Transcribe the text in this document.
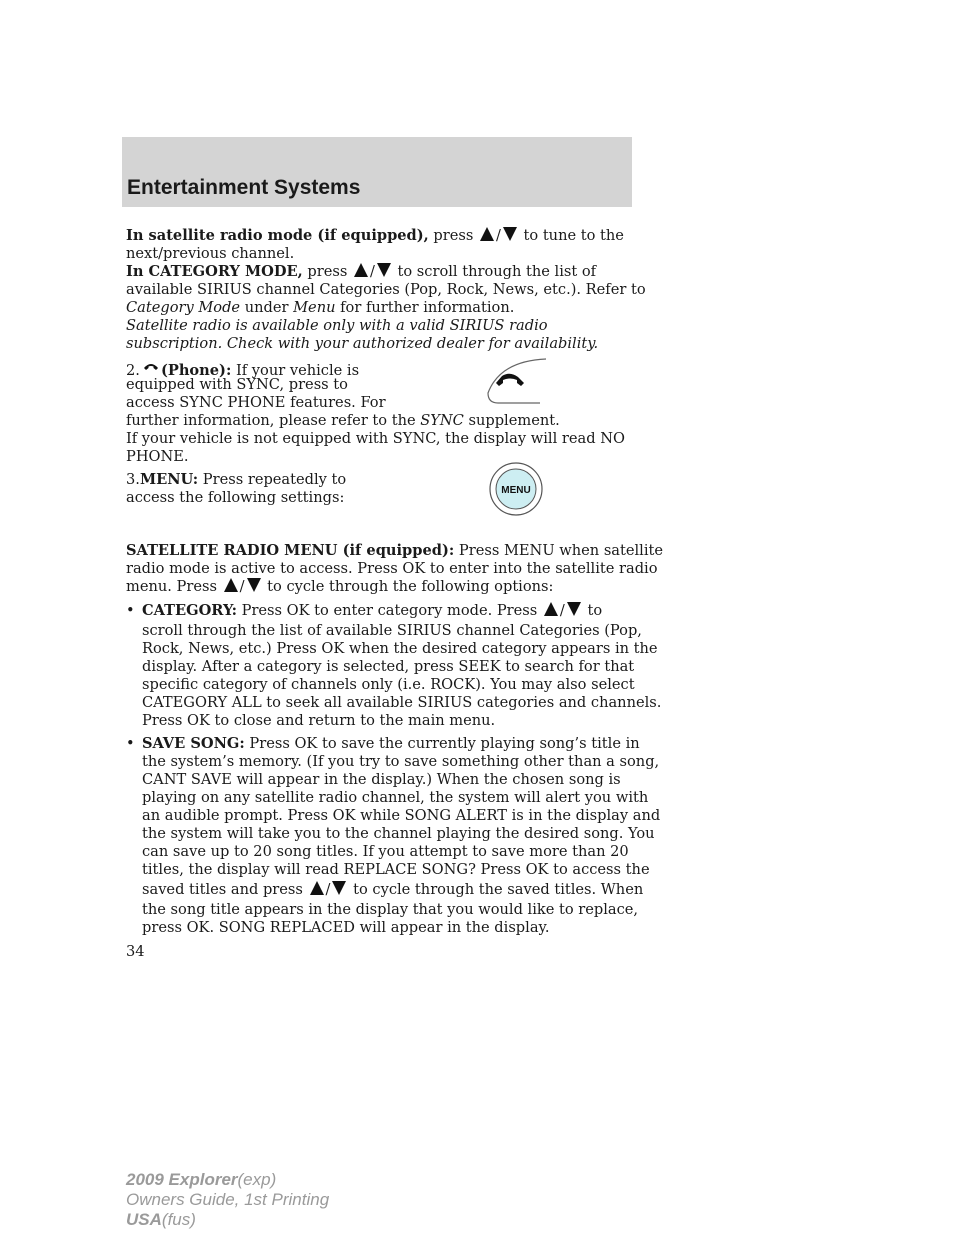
Entertainment Systems
In satellite radio mode (if equipped), press / to tune to the
next/previous channel.
In CATEGORY MODE, press / to scroll through the list of
available SIRIUS channel Categories (Pop, Rock, News, etc.). Refer to
Category Mode under Menu for further information.
Satellite radio is available only with a valid SIRIUS radio
subscription. Check with your authorized dealer for availability.
2. (Phone): If your vehicle is
equipped with SYNC, press to
access SYNC PHONE features. For
further information, please refer to the SYNC supplement.
If your vehicle is not equipped with SYNC, the display will read NO
PHONE.
3.MENU: Press repeatedly to
access the following settings:	MENU
SATELLITE RADIO MENU (if equipped): Press MENU when satellite
radio mode is active to access. Press OK to enter into the satellite radio
menu. Press / to cycle through the following options:
• CATEGORY: Press OK to enter category mode. Press / to
scroll through the list of available SIRIUS channel Categories (Pop,
Rock, News, etc.) Press OK when the desired category appears in the
display. After a category is selected, press SEEK to search for that
specific category of channels only (i.e. ROCK). You may also select
CATEGORY ALL to seek all available SIRIUS categories and channels.
Press OK to close and return to the main menu.
• SAVE SONG: Press OK to save the currently playing song’s title in
the system’s memory. (If you try to save something other than a song,
CANT SAVE will appear in the display.) When the chosen song is
playing on any satellite radio channel, the system will alert you with
an audible prompt. Press OK while SONG ALERT is in the display and
the system will take you to the channel playing the desired song. You
can save up to 20 song titles. If you attempt to save more than 20
titles, the display will read REPLACE SONG? Press OK to access the
saved titles and press / to cycle through the saved titles. When
the song title appears in the display that you would like to replace,
press OK. SONG REPLACED will appear in the display.
34
2009 Explorer(exp)
Owners Guide, 1st Printing
USA(fus)
